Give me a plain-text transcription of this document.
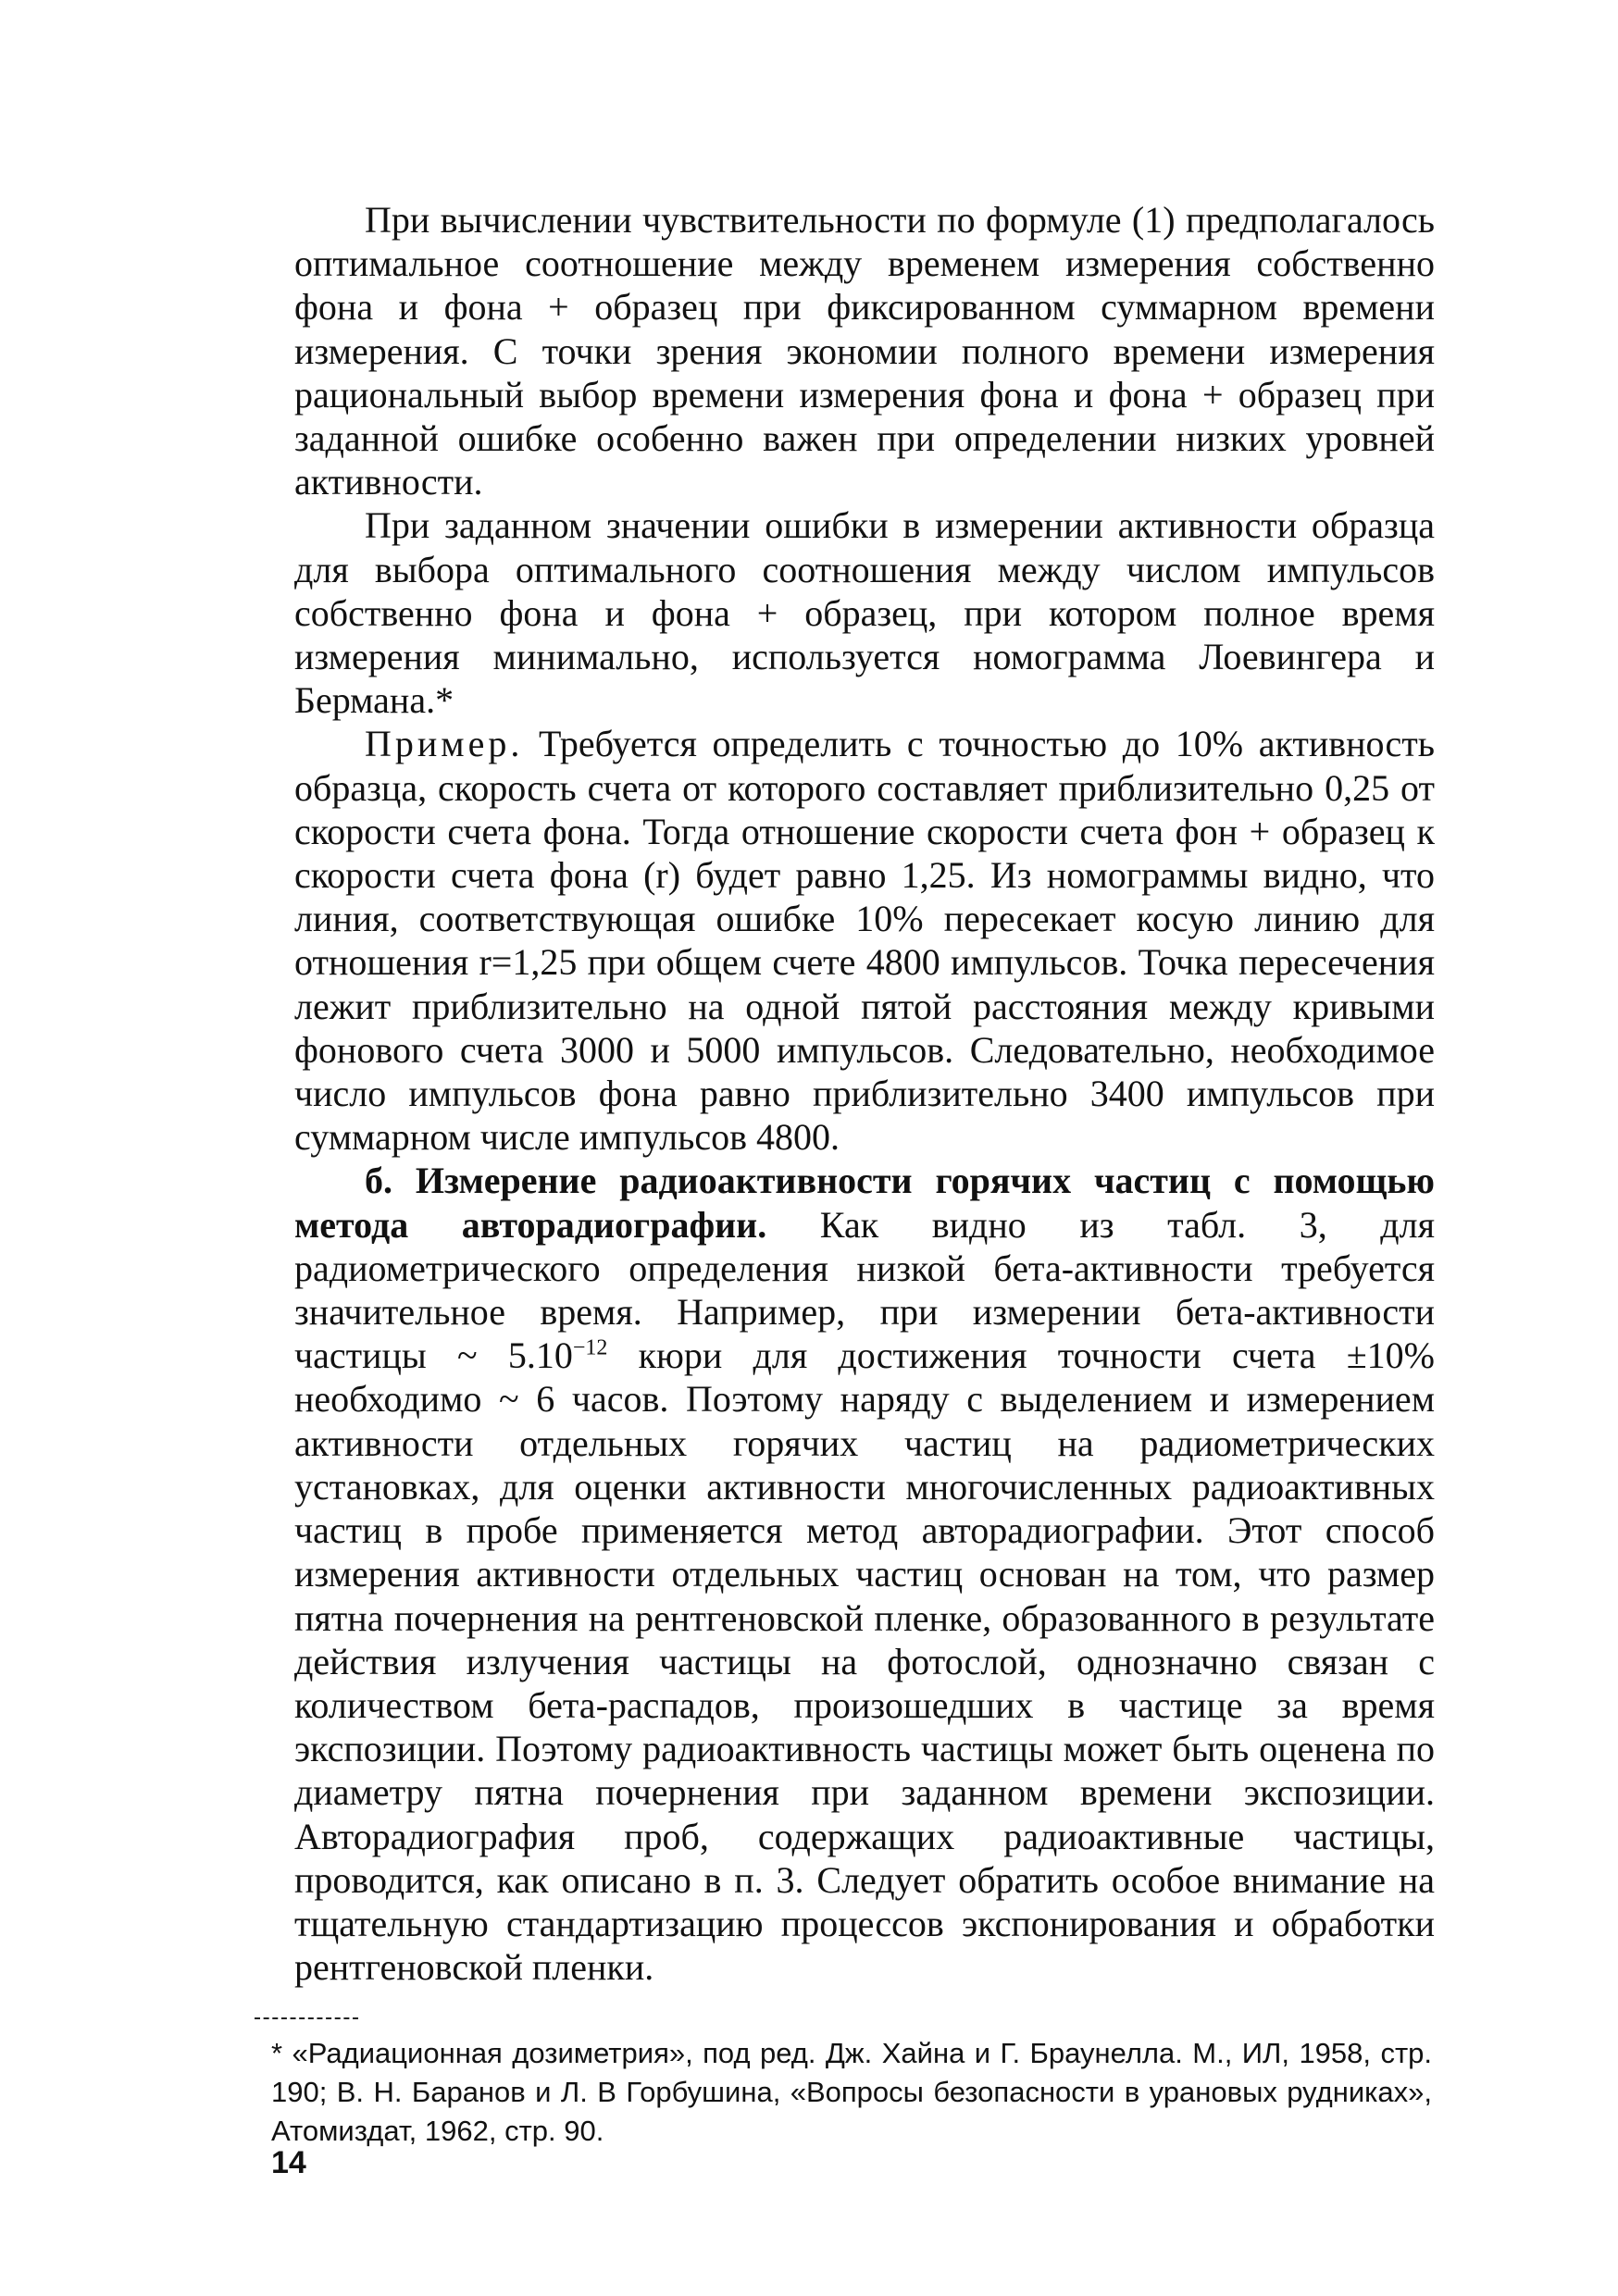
При вычислении чувствительности по формуле (1) предполагалось оптимальное соотношение между временем измерения собственно фона и фона + образец при фиксированном суммарном времени измерения. С точки зрения экономии полного времени измерения рациональный выбор времени измерения фона и фона + образец при заданной ошибке особенно важен при определении низких уровней активности.

При заданном значении ошибки в измерении активности образца для выбора оптимального соотношения между числом импульсов собственно фона и фона + образец, при котором полное время измерения минимально, используется номограмма Лоевингера и Бермана.*

Пример. Требуется определить с точностью до 10% активность образца, скорость счета от которого составляет приблизительно 0,25 от скорости счета фона. Тогда отношение скорости счета фон + образец к скорости счета фона (r) будет равно 1,25. Из номограммы видно, что линия, соответствующая ошибке 10% пересекает косую линию для отношения r=1,25 при общем счете 4800 импульсов. Точка пересечения лежит приблизительно на одной пятой расстояния между кривыми фонового счета 3000 и 5000 импульсов. Следовательно, необходимое число импульсов фона равно приблизительно 3400 импульсов при суммарном числе импульсов 4800.

б. Измерение радиоактивности горячих частиц с помощью метода авторадиографии. Как видно из табл. 3, для радиометрического определения низкой бета-активности требуется значительное время. Например, при измерении бета-активности частицы ~ $5.10^{-12}$ кюри для достижения точности счета ±10% необходимо ~ 6 часов. Поэтому наряду с выделением и измерением активности отдельных горячих частиц на радиометрических установках, для оценки активности многочисленных радиоактивных частиц в пробе применяется метод авторадиографии. Этот способ измерения активности отдельных частиц основан на том, что размер пятна почернения на рентгеновской пленке, образованного в результате действия излучения частицы на фотослой, однозначно связан с количеством бета-распадов, произошедших в частице за время экспозиции. Поэтому радиоактивность частицы может быть оценена по диаметру пятна почернения при заданном времени экспозиции. Авторадиография проб, содержащих радиоактивные частицы, проводится, как описано в п. 3. Следует обратить особое внимание на тщательную стандартизацию процессов экспонирования и обработки рентгеновской пленки.

* «Радиационная дозиметрия», под ред. Дж. Хайна и Г. Браунелла. М., ИЛ, 1958, стр. 190; В. Н. Баранов и Л. В Горбушина, «Вопросы безопасности в урановых рудниках», Атомиздат, 1962, стр. 90.
14
